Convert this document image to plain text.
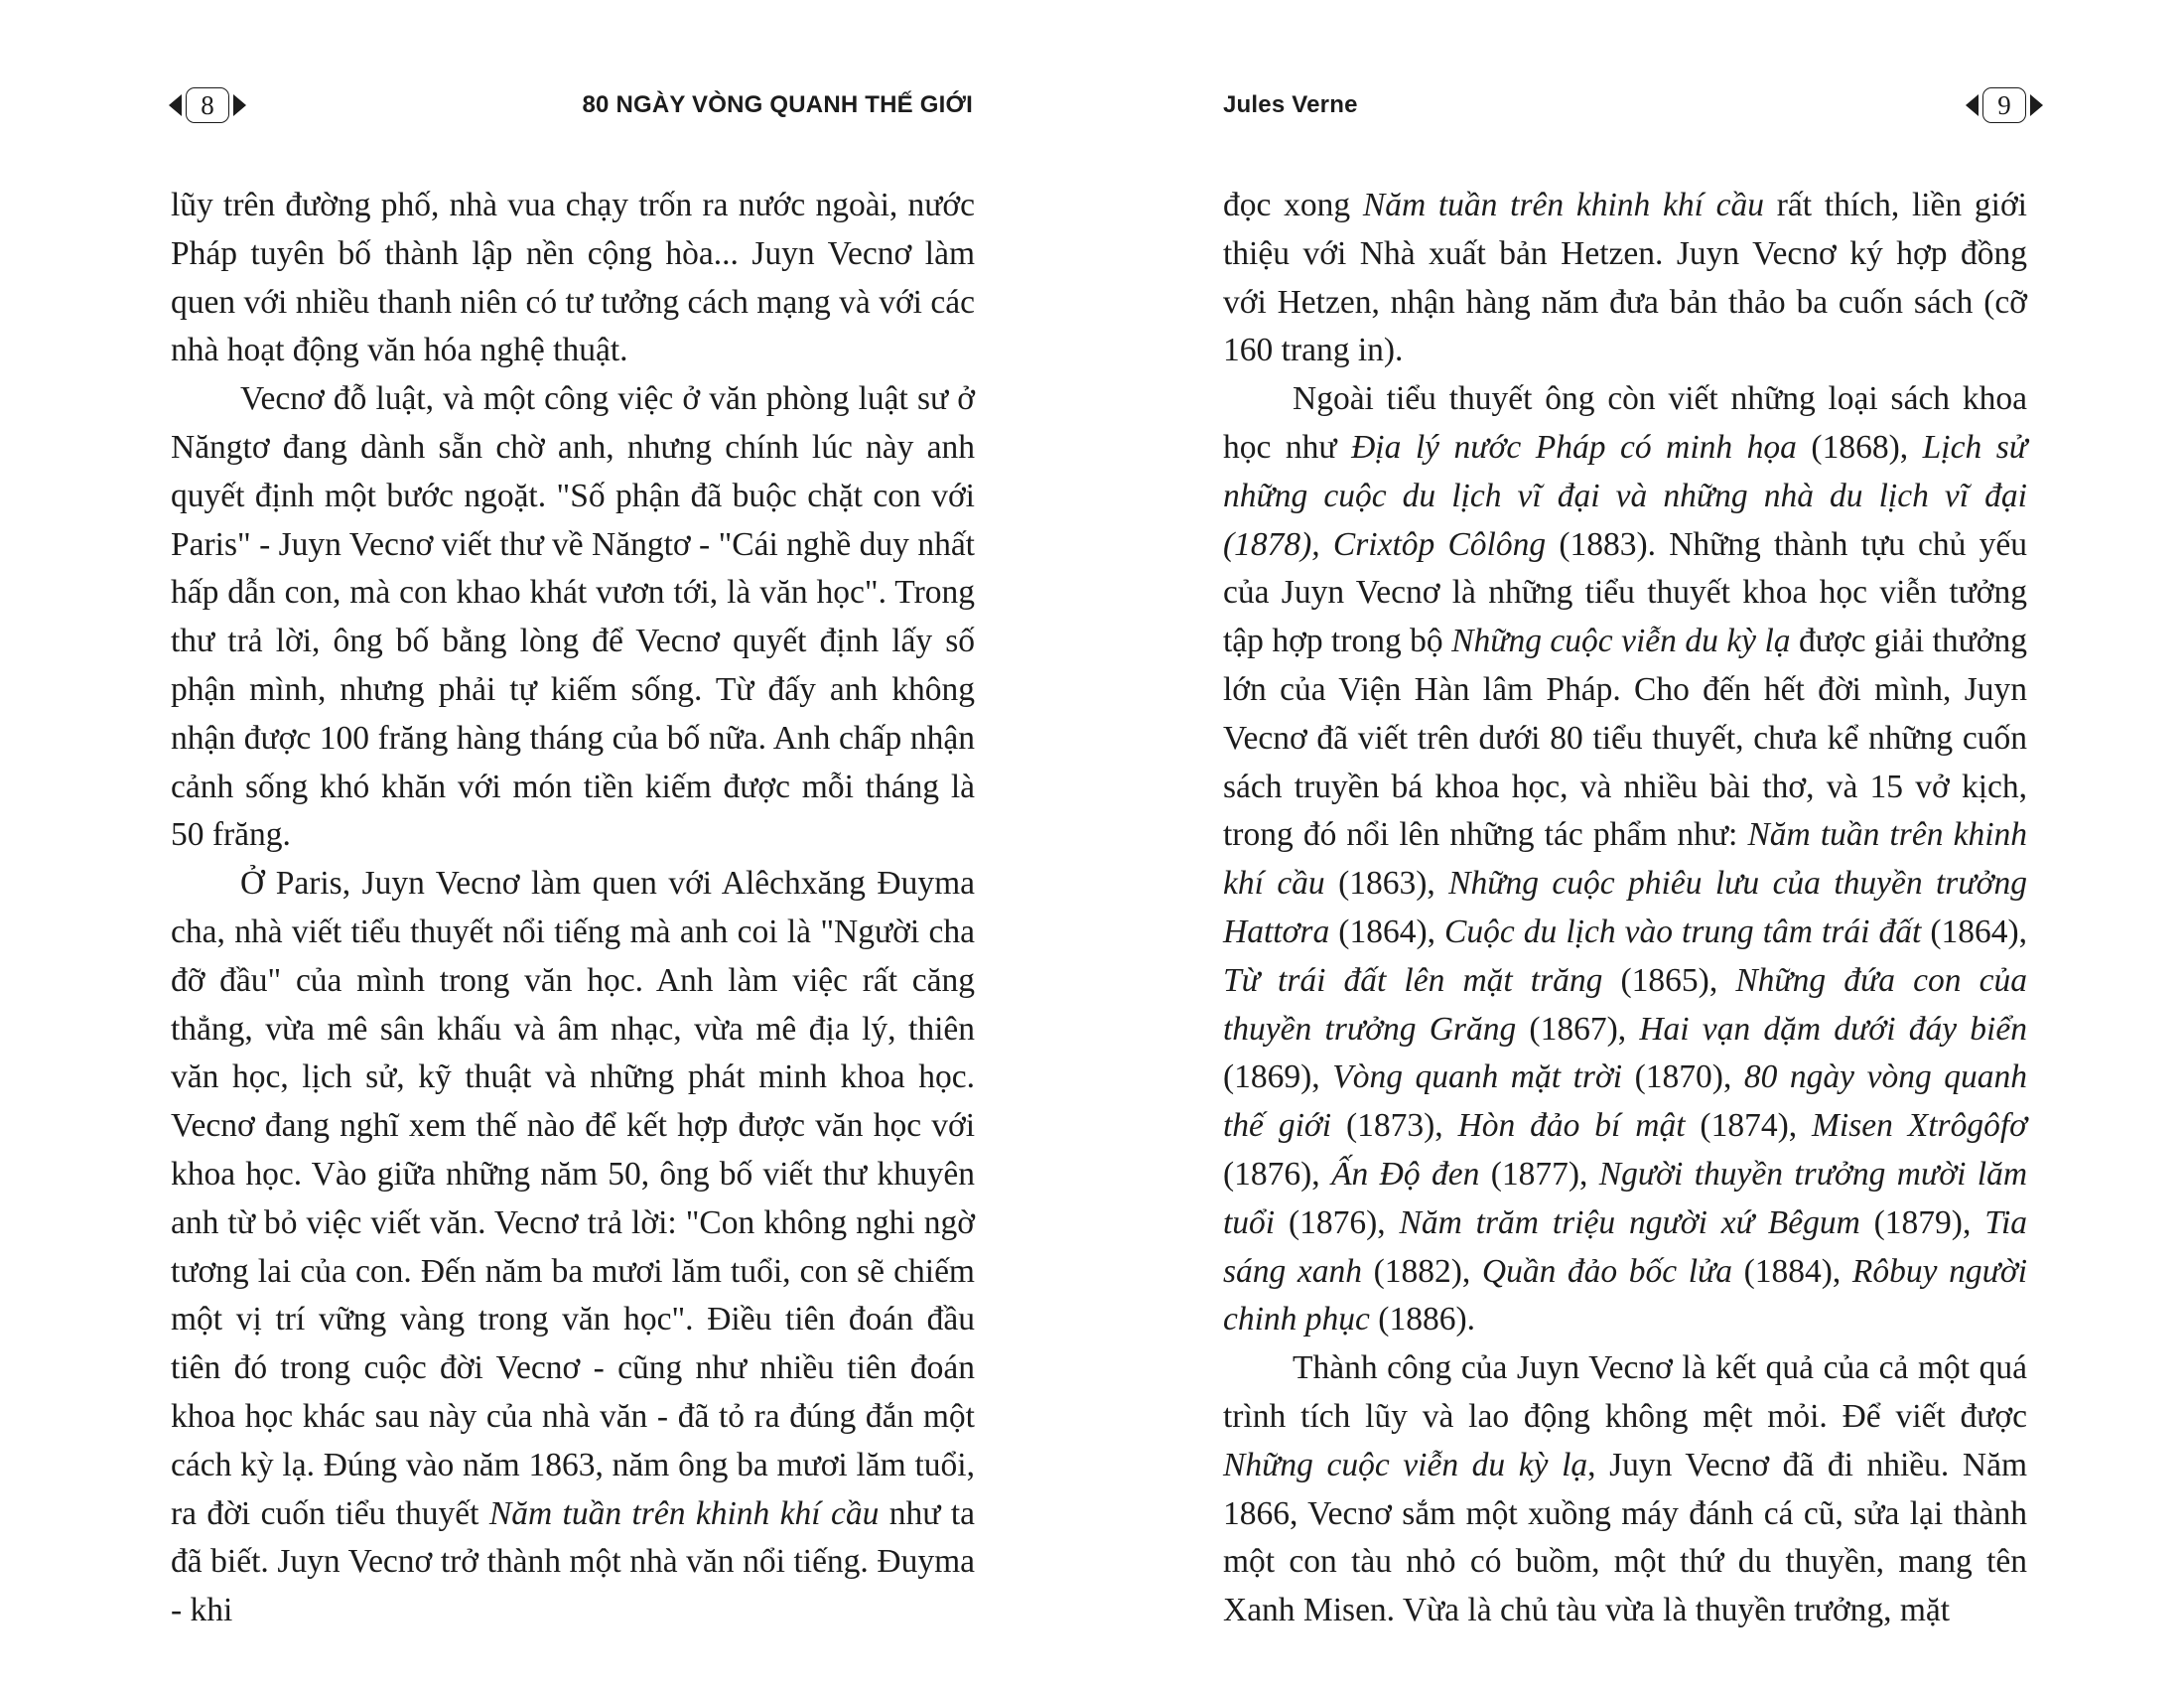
8	80 NGÀY VÒNG QUANH THẾ GIỚI

lũy trên đường phố, nhà vua chạy trốn ra nước ngoài, nước Pháp tuyên bố thành lập nền cộng hòa... Juyn Vecnơ làm quen với nhiều thanh niên có tư tưởng cách mạng và với các nhà hoạt động văn hóa nghệ thuật.

Vecnơ đỗ luật, và một công việc ở văn phòng luật sư ở Năngtơ đang dành sẵn chờ anh, nhưng chính lúc này anh quyết định một bước ngoặt. "Số phận đã buộc chặt con với Paris" - Juyn Vecnơ viết thư về Năngtơ - "Cái nghề duy nhất hấp dẫn con, mà con khao khát vươn tới, là văn học". Trong thư trả lời, ông bố bằng lòng để Vecnơ quyết định lấy số phận mình, nhưng phải tự kiếm sống. Từ đấy anh không nhận được 100 frăng hàng tháng của bố nữa. Anh chấp nhận cảnh sống khó khăn với món tiền kiếm được mỗi tháng là 50 frăng.

Ở Paris, Juyn Vecnơ làm quen với Alêchxăng Đuyma cha, nhà viết tiểu thuyết nổi tiếng mà anh coi là "Người cha đỡ đầu" của mình trong văn học. Anh làm việc rất căng thẳng, vừa mê sân khấu và âm nhạc, vừa mê địa lý, thiên văn học, lịch sử, kỹ thuật và những phát minh khoa học. Vecnơ đang nghĩ xem thế nào để kết hợp được văn học với khoa học. Vào giữa những năm 50, ông bố viết thư khuyên anh từ bỏ việc viết văn. Vecnơ trả lời: "Con không nghi ngờ tương lai của con. Đến năm ba mươi lăm tuổi, con sẽ chiếm một vị trí vững vàng trong văn học". Điều tiên đoán đầu tiên đó trong cuộc đời Vecnơ - cũng như nhiều tiên đoán khoa học khác sau này của nhà văn - đã tỏ ra đúng đắn một cách kỳ lạ. Đúng vào năm 1863, năm ông ba mươi lăm tuổi, ra đời cuốn tiểu thuyết Năm tuần trên khinh khí cầu như ta đã biết. Juyn Vecnơ trở thành một nhà văn nổi tiếng. Đuyma - khi

Jules Verne	9

đọc xong Năm tuần trên khinh khí cầu rất thích, liền giới thiệu với Nhà xuất bản Hetzen. Juyn Vecnơ ký hợp đồng với Hetzen, nhận hàng năm đưa bản thảo ba cuốn sách (cỡ 160 trang in).

Ngoài tiểu thuyết ông còn viết những loại sách khoa học như Địa lý nước Pháp có minh họa (1868), Lịch sử những cuộc du lịch vĩ đại và những nhà du lịch vĩ đại (1878), Crixtôp Côlông (1883). Những thành tựu chủ yếu của Juyn Vecnơ là những tiểu thuyết khoa học viễn tưởng tập hợp trong bộ Những cuộc viễn du kỳ lạ được giải thưởng lớn của Viện Hàn lâm Pháp. Cho đến hết đời mình, Juyn Vecnơ đã viết trên dưới 80 tiểu thuyết, chưa kể những cuốn sách truyền bá khoa học, và nhiều bài thơ, và 15 vở kịch, trong đó nổi lên những tác phẩm như: Năm tuần trên khinh khí cầu (1863), Những cuộc phiêu lưu của thuyền trưởng Hattơra (1864), Cuộc du lịch vào trung tâm trái đất (1864), Từ trái đất lên mặt trăng (1865), Những đứa con của thuyền trưởng Grăng (1867), Hai vạn dặm dưới đáy biển (1869), Vòng quanh mặt trời (1870), 80 ngày vòng quanh thế giới (1873), Hòn đảo bí mật (1874), Misen Xtrôgôfơ (1876), Ấn Độ đen (1877), Người thuyền trưởng mười lăm tuổi (1876), Năm trăm triệu người xứ Bêgum (1879), Tia sáng xanh (1882), Quần đảo bốc lửa (1884), Rôbuy người chinh phục (1886).

Thành công của Juyn Vecnơ là kết quả của cả một quá trình tích lũy và lao động không mệt mỏi. Để viết được Những cuộc viễn du kỳ lạ, Juyn Vecnơ đã đi nhiều. Năm 1866, Vecnơ sắm một xuồng máy đánh cá cũ, sửa lại thành một con tàu nhỏ có buồm, một thứ du thuyền, mang tên Xanh Misen. Vừa là chủ tàu vừa là thuyền trưởng, mặt
